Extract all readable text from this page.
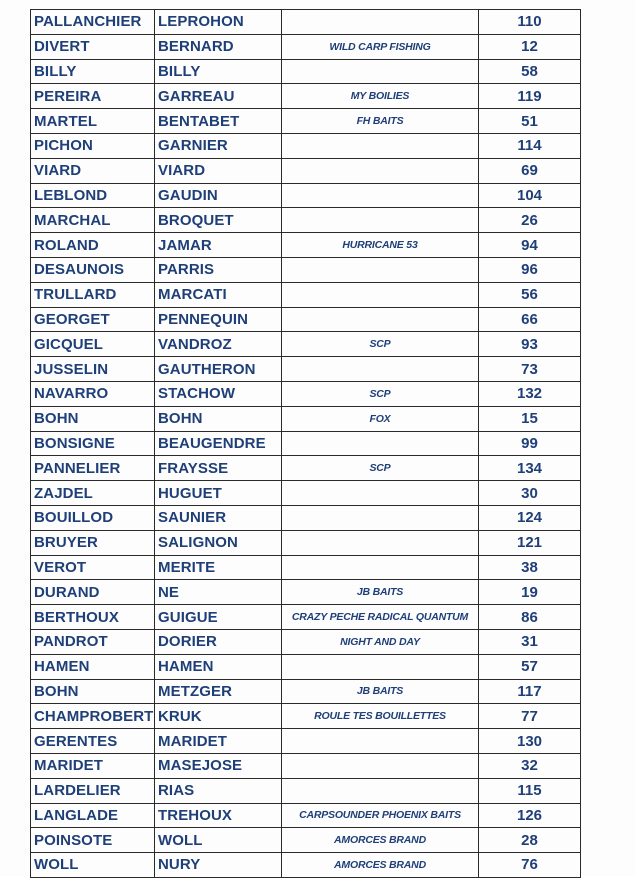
PALLANCHIER	LEPROHON		110
DIVERT	BERNARD	WILD CARP FISHING	12
BILLY	BILLY		58
PEREIRA	GARREAU	MY BOILIES	119
MARTEL	BENTABET	FH BAITS	51
PICHON	GARNIER		114
VIARD	VIARD		69
LEBLOND	GAUDIN		104
MARCHAL	BROQUET		26
ROLAND	JAMAR	HURRICANE 53	94
DESAUNOIS	PARRIS		96
TRULLARD	MARCATI		56
GEORGET	PENNEQUIN		66
GICQUEL	VANDROZ	SCP	93
JUSSELIN	GAUTHERON		73
NAVARRO	STACHOW	SCP	132
BOHN	BOHN	FOX	15
BONSIGNE	BEAUGENDRE		99
PANNELIER	FRAYSSE	SCP	134
ZAJDEL	HUGUET		30
BOUILLOD	SAUNIER		124
BRUYER	SALIGNON		121
VEROT	MERITE		38
DURAND	NE	JB BAITS	19
BERTHOUX	GUIGUE	CRAZY PECHE RADICAL QUANTUM	86
PANDROT	DORIER	NIGHT AND DAY	31
HAMEN	HAMEN		57
BOHN	METZGER	JB BAITS	117
CHAMPROBERT	KRUK	ROULE TES BOUILLETTES	77
GERENTES	MARIDET		130
MARIDET	MASEJOSE		32
LARDELIER	RIAS		115
LANGLADE	TREHOUX	CARPSOUNDER PHOENIX BAITS	126
POINSOTE	WOLL	AMORCES BRAND	28
WOLL	NURY	AMORCES BRAND	76
